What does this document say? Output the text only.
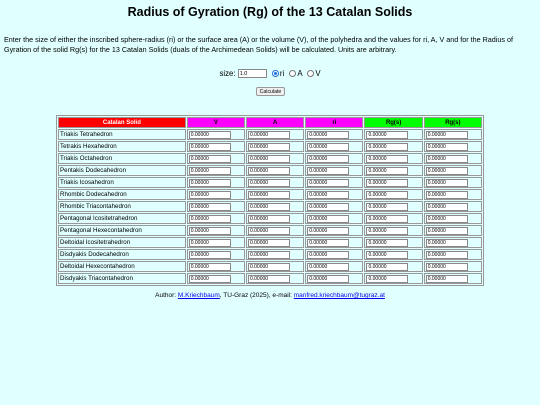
Radius of Gyration (Rg) of the 13 Catalan Solids
Enter the size of either the inscribed sphere-radius (ri) or the surface area (A) or the volume (V), of the polyhedra and the values for ri, A, V and for the Radius of Gyration of the solid Rg(s) for the 13 Catalan Solids (duals of the Archimedean Solids) will be calculated. Units are arbitrary.
size: 1.0	ri A V
Calculate
Catalan Solid	V	A	ri	Rg(s)	Rg(s)
Triakis Tetrahedron	
0.00000	
0.00000	
0.00000	
0.00000	
0.00000
Tetrakis Hexahedron	
0.00000	
0.00000	
0.00000	
0.00000	
0.00000
Triakis Octahedron	
0.00000	
0.00000	
0.00000	
0.00000	
0.00000
Pentakis Dodecahedron	
0.00000	
0.00000	
0.00000	
0.00000	
0.00000
Triakis Icosahedron	
0.00000	
0.00000	
0.00000	
0.00000	
0.00000
Rhombic Dodecahedron	
0.00000	
0.00000	
0.00000	
0.00000	
0.00000
Rhombic Triacontahedron	
0.00000	
0.00000	
0.00000	
0.00000	
0.00000
Pentagonal Icositetrahedron	
0.00000	
0.00000	
0.00000	
0.00000	
0.00000
Pentagonal Hexecontahedron	
0.00000	
0.00000	
0.00000	
0.00000	
0.00000
Deltoidal Icositetrahedron	
0.00000	
0.00000	
0.00000	
0.00000	
0.00000
Disdyakis Dodecahedron	
0.00000	
0.00000	
0.00000	
0.00000	
0.00000
Deltoidal Hexecontahedron	
0.00000	
0.00000	
0.00000	
0.00000	
0.00000
Disdyakis Triacontahedron	
0.00000	
0.00000	
0.00000	
0.00000	
0.00000
Author: M.Kriechbaum, TU-Graz (2025), e-mail: manfred.kriechbaum@tugraz.at
